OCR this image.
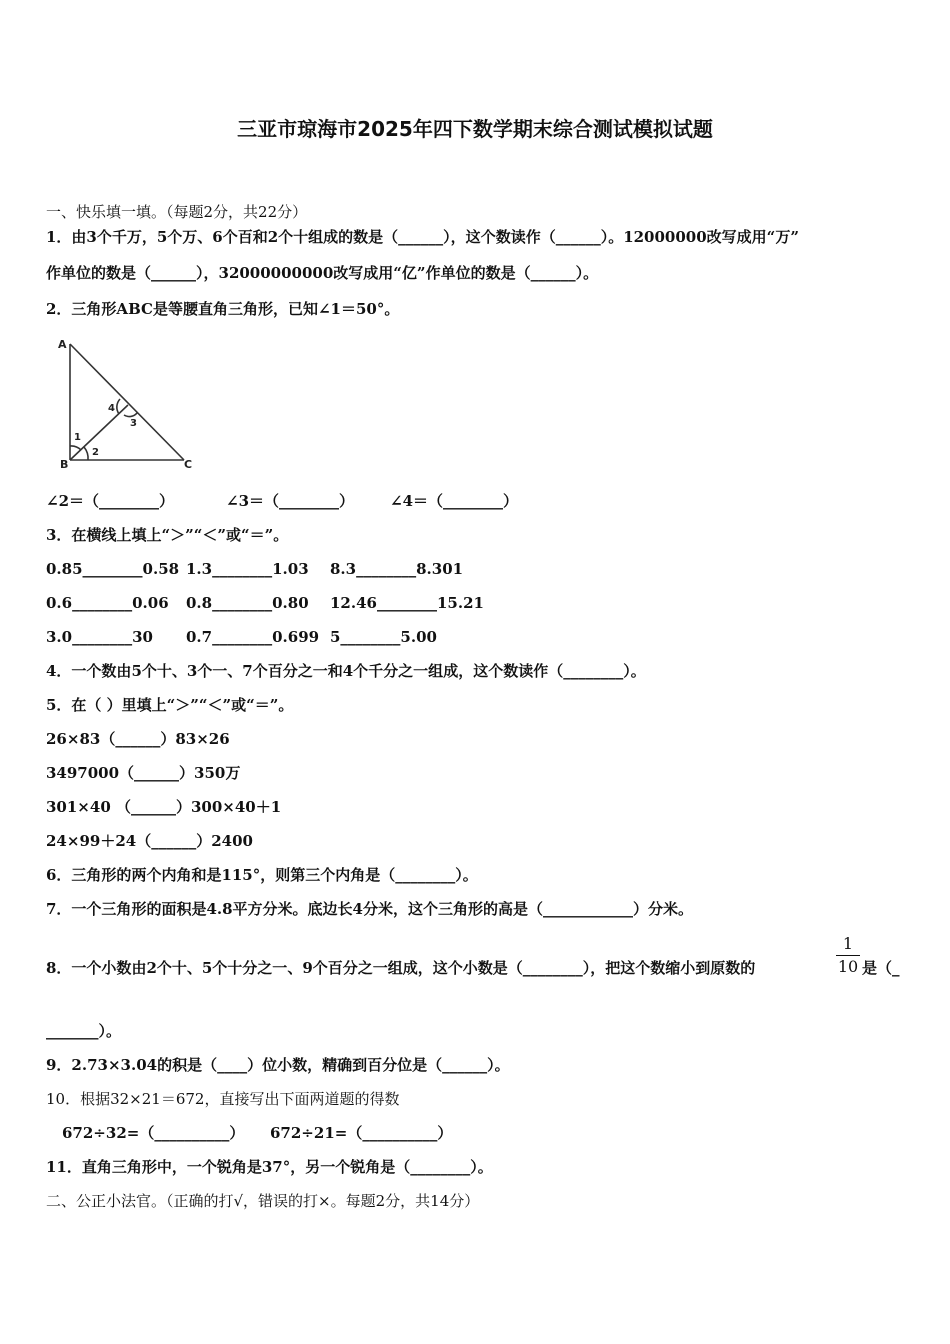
三亚市琼海市2025年四下数学期末综合测试模拟试题
一、快乐填一填。（每题2分，共22分）
1．由3个千万，5个万、6个百和2个十组成的数是（______），这个数读作（______）。12000000改写成用“万”
作单位的数是（______），32000000000改写成用“亿”作单位的数是（______）。
2．三角形ABC是等腰直角三角形，已知∠1＝50°。
A
B	C
1
2
3
4
∠2＝（________）	∠3＝（________） ∠4＝（________）
3．在横线上填上“＞”“＜”或“＝”。
0.85________0.58 1.3________1.03 8.3________8.301
0.6________0.06 0.8________0.80 12.46________15.21
3.0________30 0.7________0.699 5________5.00
4．一个数由5个十、3个一、7个百分之一和4个千分之一组成，这个数读作（________）。
5．在（ ）里填上“＞”“＜”或“＝”。
26×83（______）83×26
3497000（______）350万
301×40 （______）300×40＋1
24×99＋24（______）2400
6．三角形的两个内角和是115°，则第三个内角是（________）。
7．一个三角形的面积是4.8平方分米。底边长4分米，这个三角形的高是（____________）分米。
8．一个小数由2个十、5个十分之一、9个百分之一组成，这个小数是（________），把这个数缩小到原数的
1
10 是（_
_______）。
9．2.73×3.04的积是（____）位小数，精确到百分位是（______）。
10．根据32×21＝672，直接写出下面两道题的得数
672÷32=（__________） 672÷21=（__________）
11．直角三角形中，一个锐角是37°，另一个锐角是（________）。
二、公正小法官。（正确的打√，错误的打×。每题2分，共14分）
